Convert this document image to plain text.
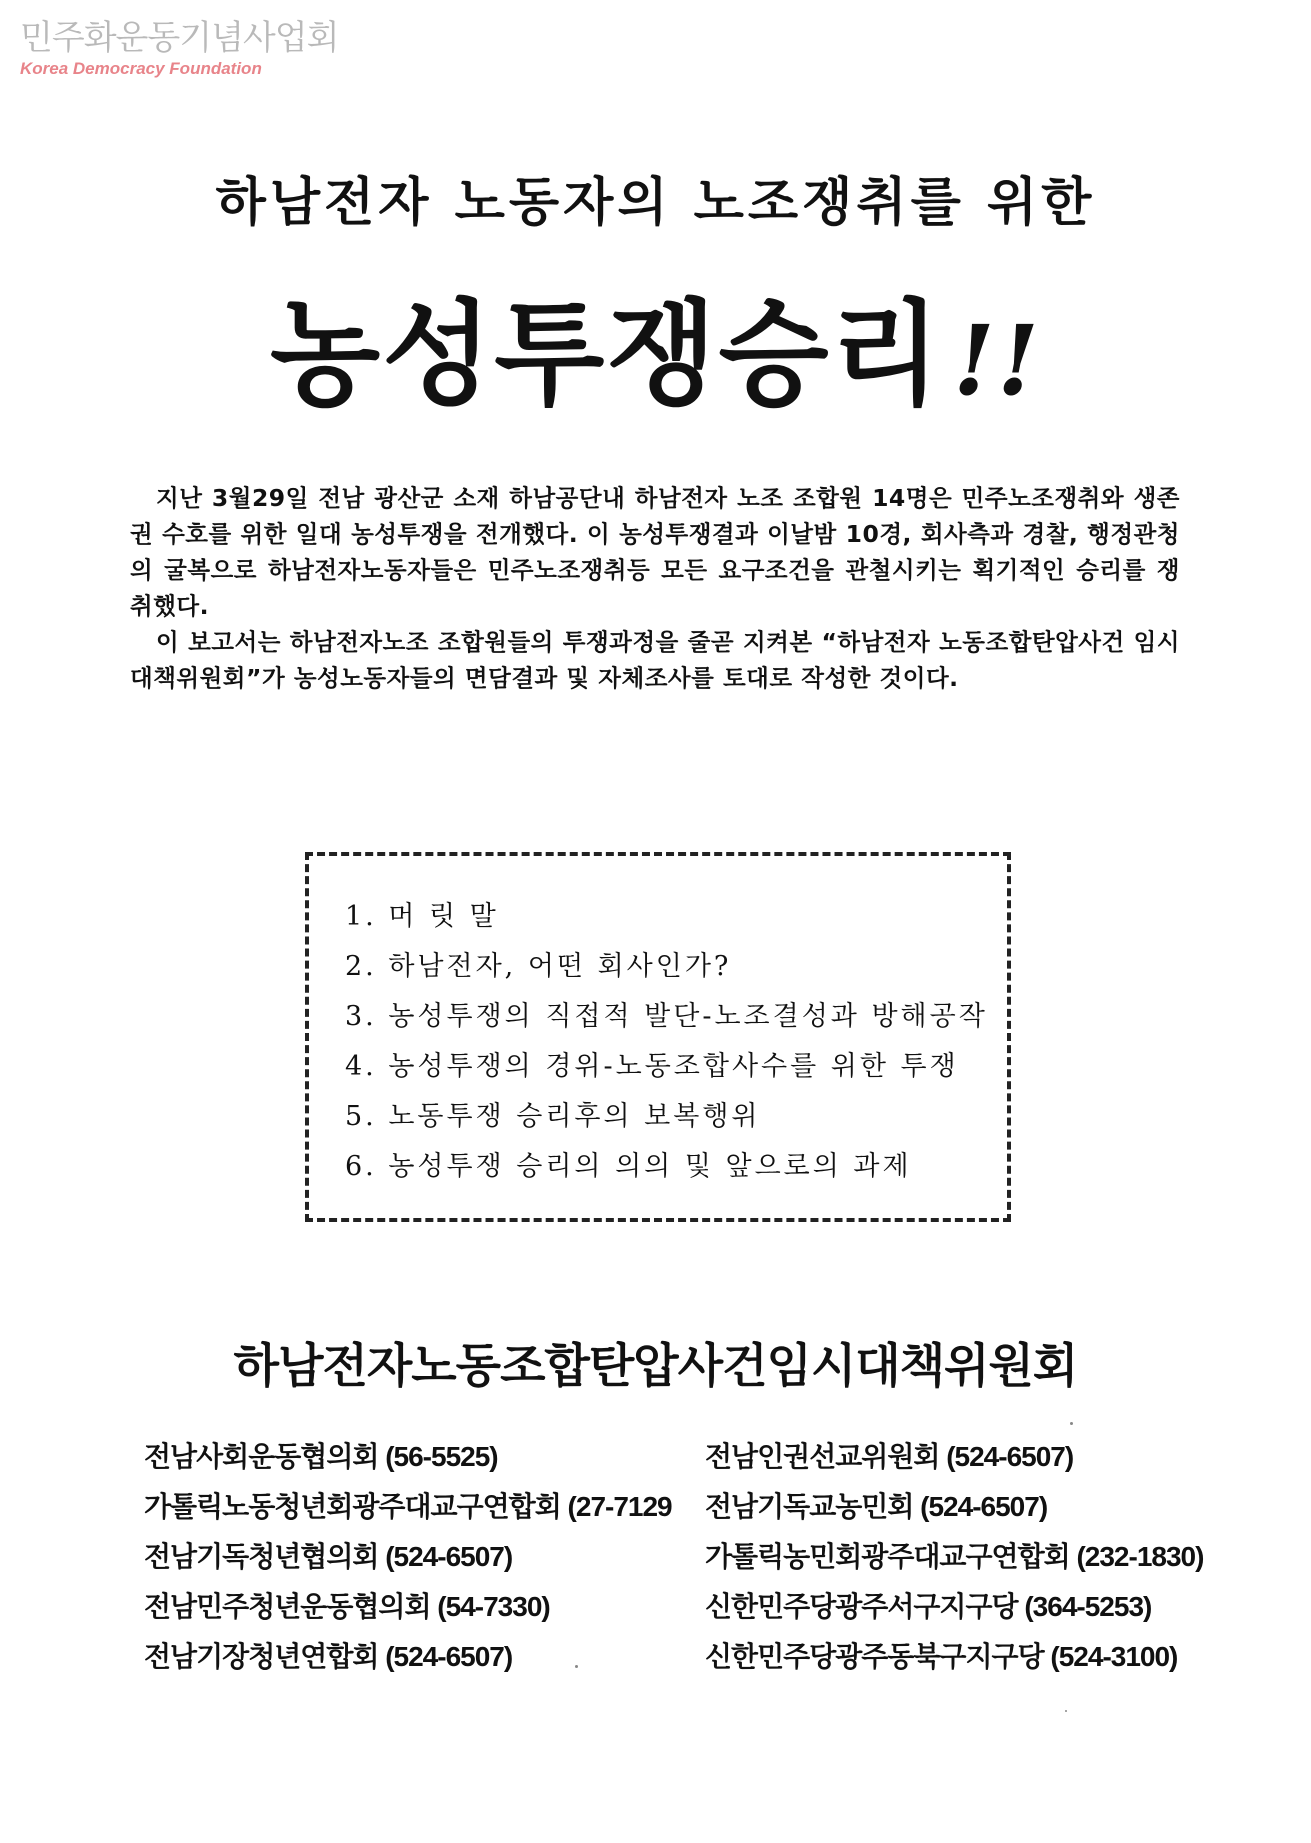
민주화운동기념사업회
Korea Democracy Foundation
하남전자 노동자의 노조쟁취를 위한
농성투쟁승리 !!

지난 3월29일 전남 광산군 소재 하남공단내 하남전자 노조 조합원 14명은 민주노조쟁취와 생존권 수호를 위한 일대 농성투쟁을 전개했다. 이 농성투쟁결과 이날밤 10경, 회사측과 경찰, 행정관청의 굴복으로 하남전자노동자들은 민주노조쟁취등 모든 요구조건을 관철시키는 획기적인 승리를 쟁취했다.

이 보고서는 하남전자노조 조합원들의 투쟁과정을 줄곧 지켜본 “하남전자 노동조합탄압사건 임시대책위원회”가 농성노동자들의 면담결과 및 자체조사를 토대로 작성한 것이다.

1. 머 릿 말
2. 하남전자, 어떤 회사인가?
3. 농성투쟁의 직접적 발단-노조결성과 방해공작
4. 농성투쟁의 경위-노동조합사수를 위한 투쟁
5. 노동투쟁 승리후의 보복행위
6. 농성투쟁 승리의 의의 및 앞으로의 과제
하남전자노동조합탄압사건임시대책위원회
전남사회운동협의회 (56-5525)
가톨릭노동청년회광주대교구연합회 (27-7129
전남기독청년협의회 (524-6507)
전남민주청년운동협의회 (54-7330)
전남기장청년연합회 (524-6507)
전남인권선교위원회 (524-6507)
전남기독교농민회 (524-6507)
가톨릭농민회광주대교구연합회 (232-1830)
신한민주당광주서구지구당 (364-5253)
신한민주당광주동북구지구당 (524-3100)
